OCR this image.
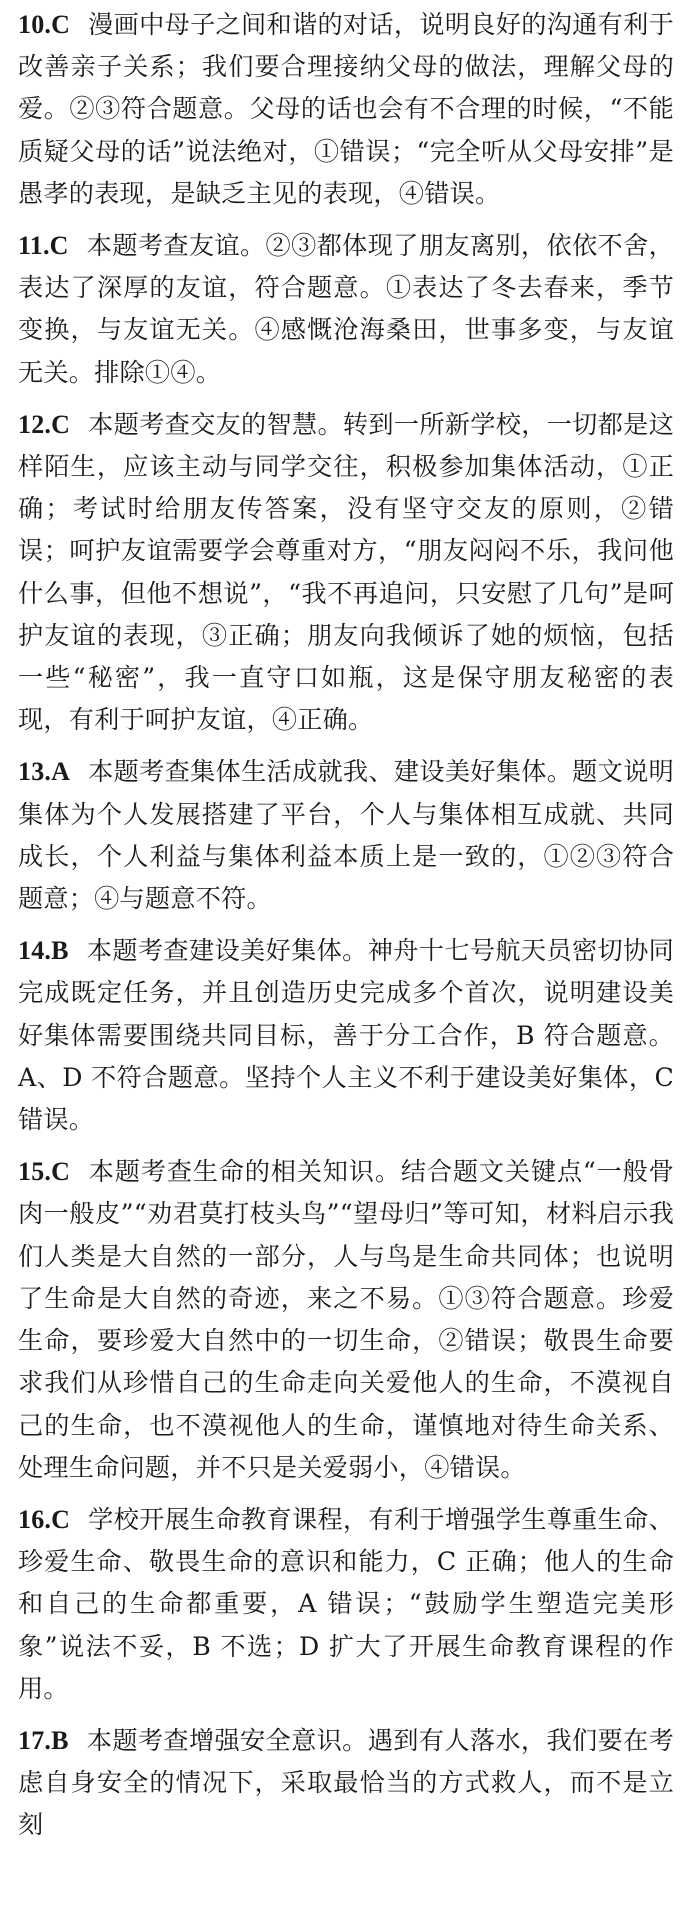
10.C 漫画中母子之间和谐的对话，说明良好的沟通有利于改善亲子关系；我们要合理接纳父母的做法，理解父母的爱。②③符合题意。父母的话也会有不合理的时候，“不能质疑父母的话”说法绝对，①错误；“完全听从父母安排”是愚孝的表现，是缺乏主见的表现，④错误。

11.C 本题考查友谊。②③都体现了朋友离别，依依不舍，表达了深厚的友谊，符合题意。①表达了冬去春来，季节变换，与友谊无关。④感慨沧海桑田，世事多变，与友谊无关。排除①④。

12.C 本题考查交友的智慧。转到一所新学校，一切都是这样陌生，应该主动与同学交往，积极参加集体活动，①正确；考试时给朋友传答案，没有坚守交友的原则，②错误；呵护友谊需要学会尊重对方，“朋友闷闷不乐，我问他什么事，但他不想说”，“我不再追问，只安慰了几句”是呵护友谊的表现，③正确；朋友向我倾诉了她的烦恼，包括一些“秘密”，我一直守口如瓶，这是保守朋友秘密的表现，有利于呵护友谊，④正确。

13.A 本题考查集体生活成就我、建设美好集体。题文说明集体为个人发展搭建了平台，个人与集体相互成就、共同成长，个人利益与集体利益本质上是一致的，①②③符合题意；④与题意不符。

14.B 本题考查建设美好集体。神舟十七号航天员密切协同完成既定任务，并且创造历史完成多个首次，说明建设美好集体需要围绕共同目标，善于分工合作，B 符合题意。A、D 不符合题意。坚持个人主义不利于建设美好集体，C 错误。

15.C 本题考查生命的相关知识。结合题文关键点“一般骨肉一般皮”“劝君莫打枝头鸟”“望母归”等可知，材料启示我们人类是大自然的一部分，人与鸟是生命共同体；也说明了生命是大自然的奇迹，来之不易。①③符合题意。珍爱生命，要珍爱大自然中的一切生命，②错误；敬畏生命要求我们从珍惜自己的生命走向关爱他人的生命，不漠视自己的生命，也不漠视他人的生命，谨慎地对待生命关系、处理生命问题，并不只是关爱弱小，④错误。

16.C 学校开展生命教育课程，有利于增强学生尊重生命、珍爱生命、敬畏生命的意识和能力，C 正确；他人的生命和自己的生命都重要，A 错误；“鼓励学生塑造完美形象”说法不妥，B 不选；D 扩大了开展生命教育课程的作用。

17.B 本题考查增强安全意识。遇到有人落水，我们要在考虑自身安全的情况下，采取最恰当的方式救人，而不是立刻
